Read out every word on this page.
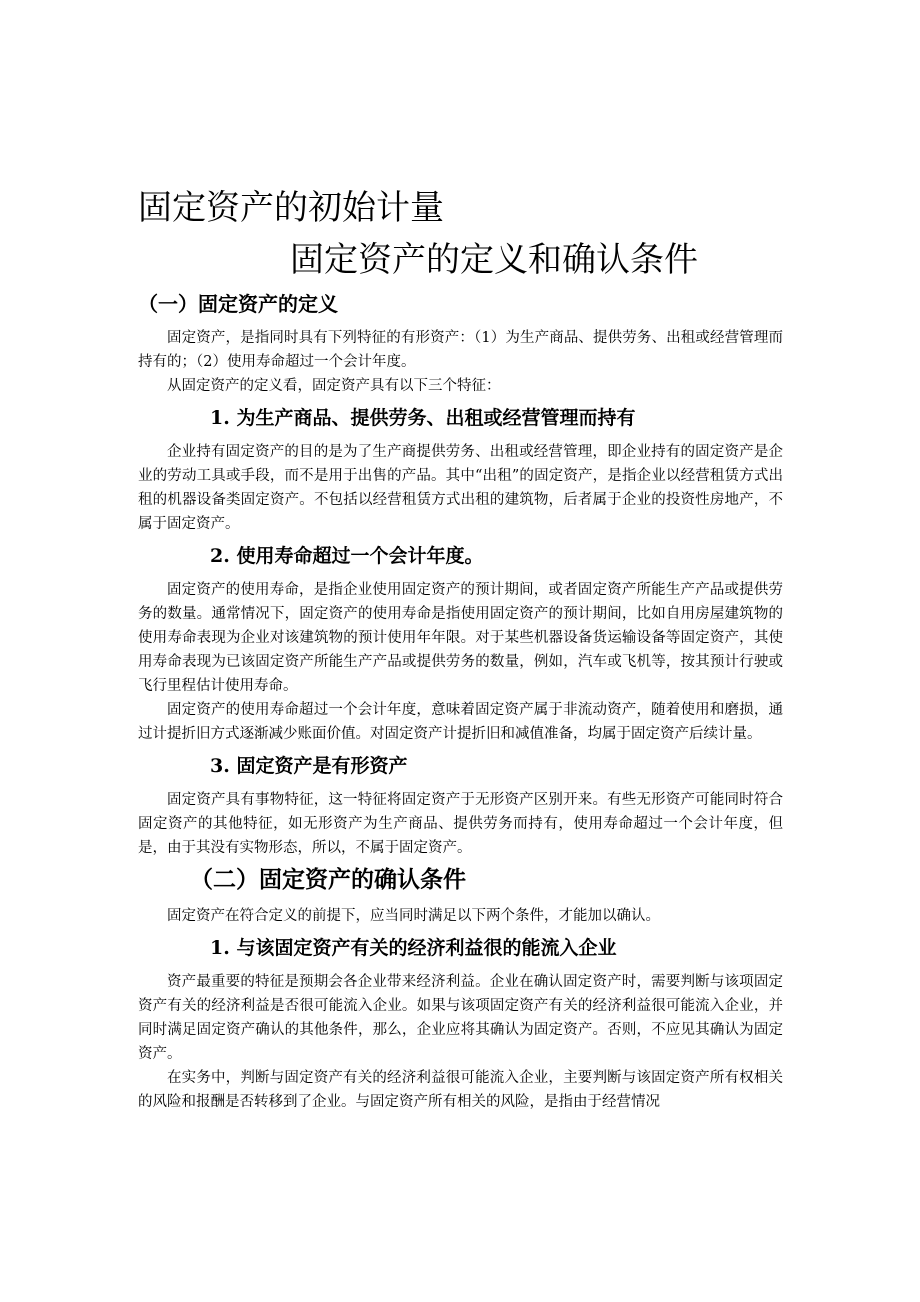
固定资产的初始计量
固定资产的定义和确认条件
（一）固定资产的定义

固定资产，是指同时具有下列特征的有形资产：（1）为生产商品、提供劳务、出租或经营管理而持有的；（2）使用寿命超过一个会计年度。

从固定资产的定义看，固定资产具有以下三个特征：

1. 为生产商品、提供劳务、出租或经营管理而持有

企业持有固定资产的目的是为了生产商提供劳务、出租或经营管理，即企业持有的固定资产是企业的劳动工具或手段，而不是用于出售的产品。其中“出租”的固定资产，是指企业以经营租赁方式出租的机器设备类固定资产。不包括以经营租赁方式出租的建筑物，后者属于企业的投资性房地产，不属于固定资产。

2. 使用寿命超过一个会计年度。

固定资产的使用寿命，是指企业使用固定资产的预计期间，或者固定资产所能生产产品或提供劳务的数量。通常情况下，固定资产的使用寿命是指使用固定资产的预计期间，比如自用房屋建筑物的使用寿命表现为企业对该建筑物的预计使用年年限。对于某些机器设备货运输设备等固定资产，其使用寿命表现为已该固定资产所能生产产品或提供劳务的数量，例如，汽车或飞机等，按其预计行驶或飞行里程估计使用寿命。

固定资产的使用寿命超过一个会计年度，意味着固定资产属于非流动资产，随着使用和磨损，通过计提折旧方式逐渐减少账面价值。对固定资产计提折旧和减值准备，均属于固定资产后续计量。

3. 固定资产是有形资产

固定资产具有事物特征，这一特征将固定资产于无形资产区别开来。有些无形资产可能同时符合固定资产的其他特征，如无形资产为生产商品、提供劳务而持有，使用寿命超过一个会计年度，但是，由于其没有实物形态，所以，不属于固定资产。

（二）固定资产的确认条件

固定资产在符合定义的前提下，应当同时满足以下两个条件，才能加以确认。

1. 与该固定资产有关的经济利益很的能流入企业

资产最重要的特征是预期会各企业带来经济利益。企业在确认固定资产时，需要判断与该项固定资产有关的经济利益是否很可能流入企业。如果与该项固定资产有关的经济利益很可能流入企业，并同时满足固定资产确认的其他条件，那么，企业应将其确认为固定资产。否则，不应见其确认为固定资产。

在实务中，判断与固定资产有关的经济利益很可能流入企业，主要判断与该固定资产所有权相关的风险和报酬是否转移到了企业。与固定资产所有相关的风险，是指由于经营情况
